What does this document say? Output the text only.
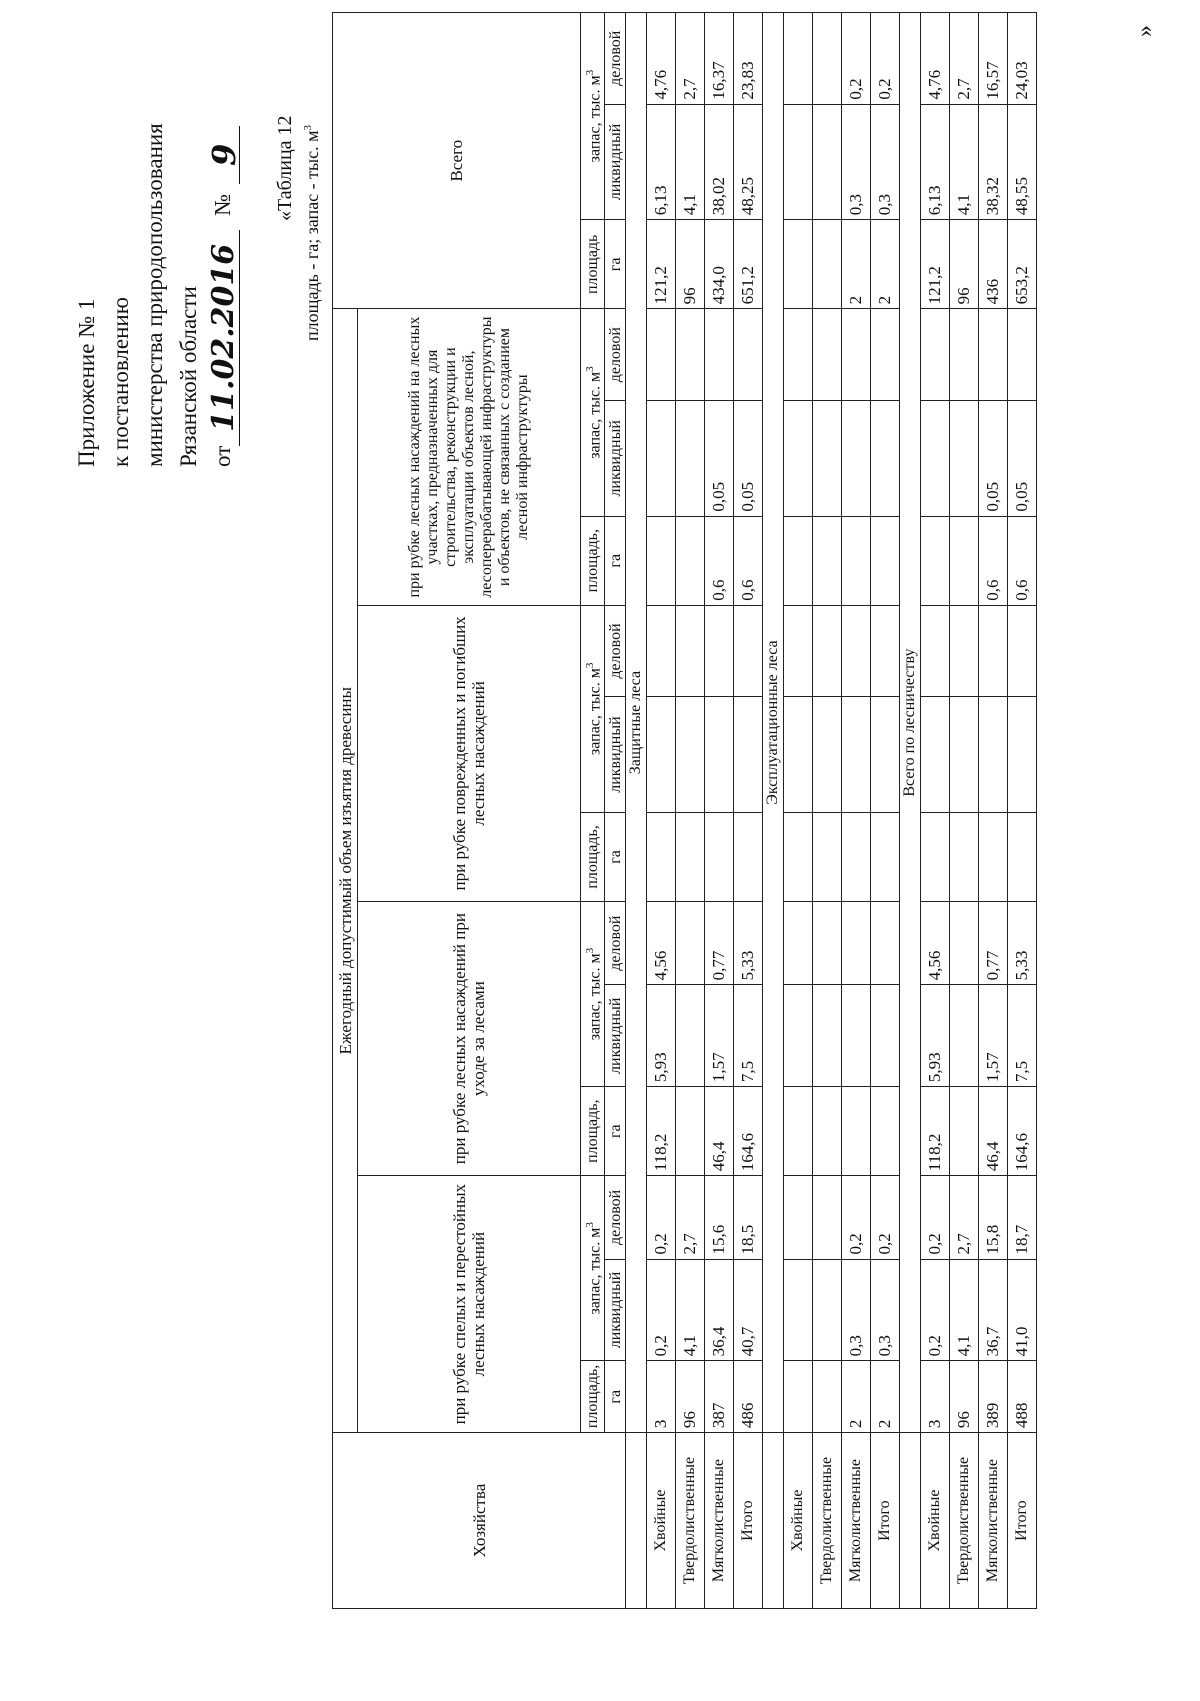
Приложение № 1 к постановлению министерства природопользования Рязанской области от
11.02.2016
№
9 «Таблица 12 площадь - га; запас - тыс. $м^3$
Хозяйства	Ежегодный допустимый объем изъятия древесины												Всего		
	при рубке спелых и перестойных лесных насаждений			при рубке лесных насаждений при уходе за лесами			при рубке поврежденных и погибших лесных насаждений			при рубке лесных насаждений на лесных участках, предназначенных для строительства, реконструкции и эксплуатации объектов лесной, лесоперерабатывающей инфраструктуры и объектов, не связанных с созданием лесной инфраструктуры					
	площадь,	запас, тыс. $м^3$		площадь,	запас, тыс. $м^3$		площадь,	запас, тыс. $м^3$		площадь,	запас, тыс. $м^3$		площадь	запас, тыс. $м^3$
	га	ликвидный	деловой	га	ликвидный	деловой	га	ликвидный	деловой	га	ликвидный	деловой	га	ликвидный	деловой
	Защитные леса														
Хвойные	3	0,2	0,2	118,2	5,93	4,56							121,2	6,13	4,76
Твердолиственные	96	4,1	2,7										96	4,1	2,7
Мягколиственные	387	36,4	15,6	46,4	1,57	0,77				0,6	0,05		434,0	38,02	16,37
Итого	486	40,7	18,5	164,6	7,5	5,33				0,6	0,05		651,2	48,25	23,83
	Эксплуатационные леса														
Хвойные															
Твердолиственные															
Мягколиственные	2	0,3	0,2										2	0,3	0,2
Итого	2	0,3	0,2										2	0,3	0,2
	Всего по лесничеству														
Хвойные	3	0,2	0,2	118,2	5,93	4,56							121,2	6,13	4,76
Твердолиственные	96	4,1	2,7										96	4,1	2,7
Мягколиственные	389	36,7	15,8	46,4	1,57	0,77				0,6	0,05		436	38,32	16,57
Итого	488	41,0	18,7	164,6	7,5	5,33				0,6	0,05		653,2	48,55	24,03
»
